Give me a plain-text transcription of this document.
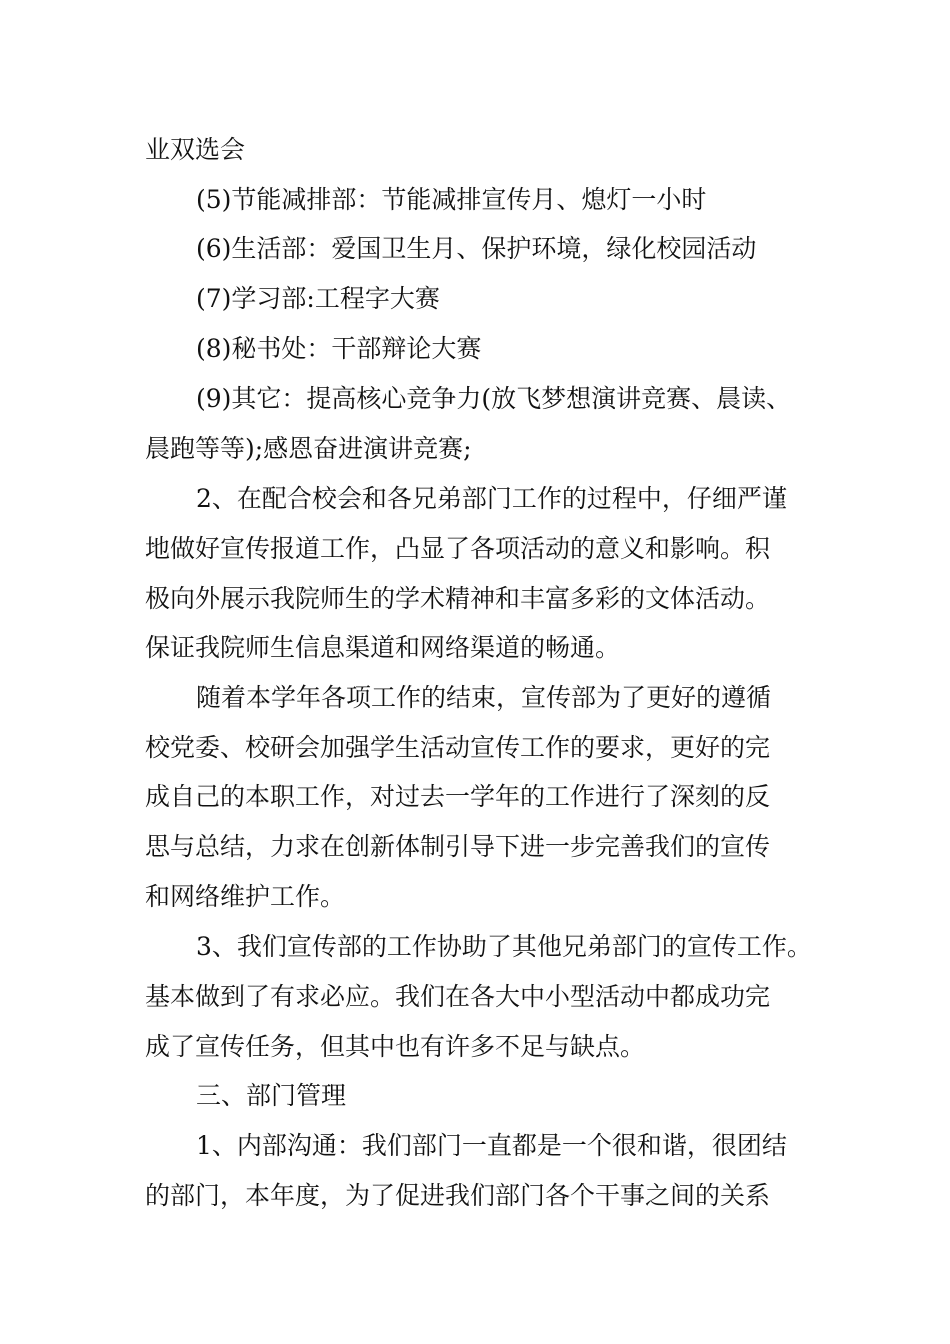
业双选会
(5)节能减排部：节能减排宣传月、熄灯一小时
(6)生活部：爱国卫生月、保护环境，绿化校园活动
(7)学习部:工程字大赛
(8)秘书处：干部辩论大赛
(9)其它：提高核心竞争力(放飞梦想演讲竞赛、晨读、
晨跑等等);感恩奋进演讲竞赛;
2、在配合校会和各兄弟部门工作的过程中，仔细严谨
地做好宣传报道工作，凸显了各项活动的意义和影响。积
极向外展示我院师生的学术精神和丰富多彩的文体活动。
保证我院师生信息渠道和网络渠道的畅通。
随着本学年各项工作的结束，宣传部为了更好的遵循
校党委、校研会加强学生活动宣传工作的要求，更好的完
成自己的本职工作，对过去一学年的工作进行了深刻的反
思与总结，力求在创新体制引导下进一步完善我们的宣传
和网络维护工作。
3、我们宣传部的工作协助了其他兄弟部门的宣传工作。
基本做到了有求必应。我们在各大中小型活动中都成功完
成了宣传任务，但其中也有许多不足与缺点。
三、部门管理
1、内部沟通：我们部门一直都是一个很和谐，很团结
的部门，本年度，为了促进我们部门各个干事之间的关系
